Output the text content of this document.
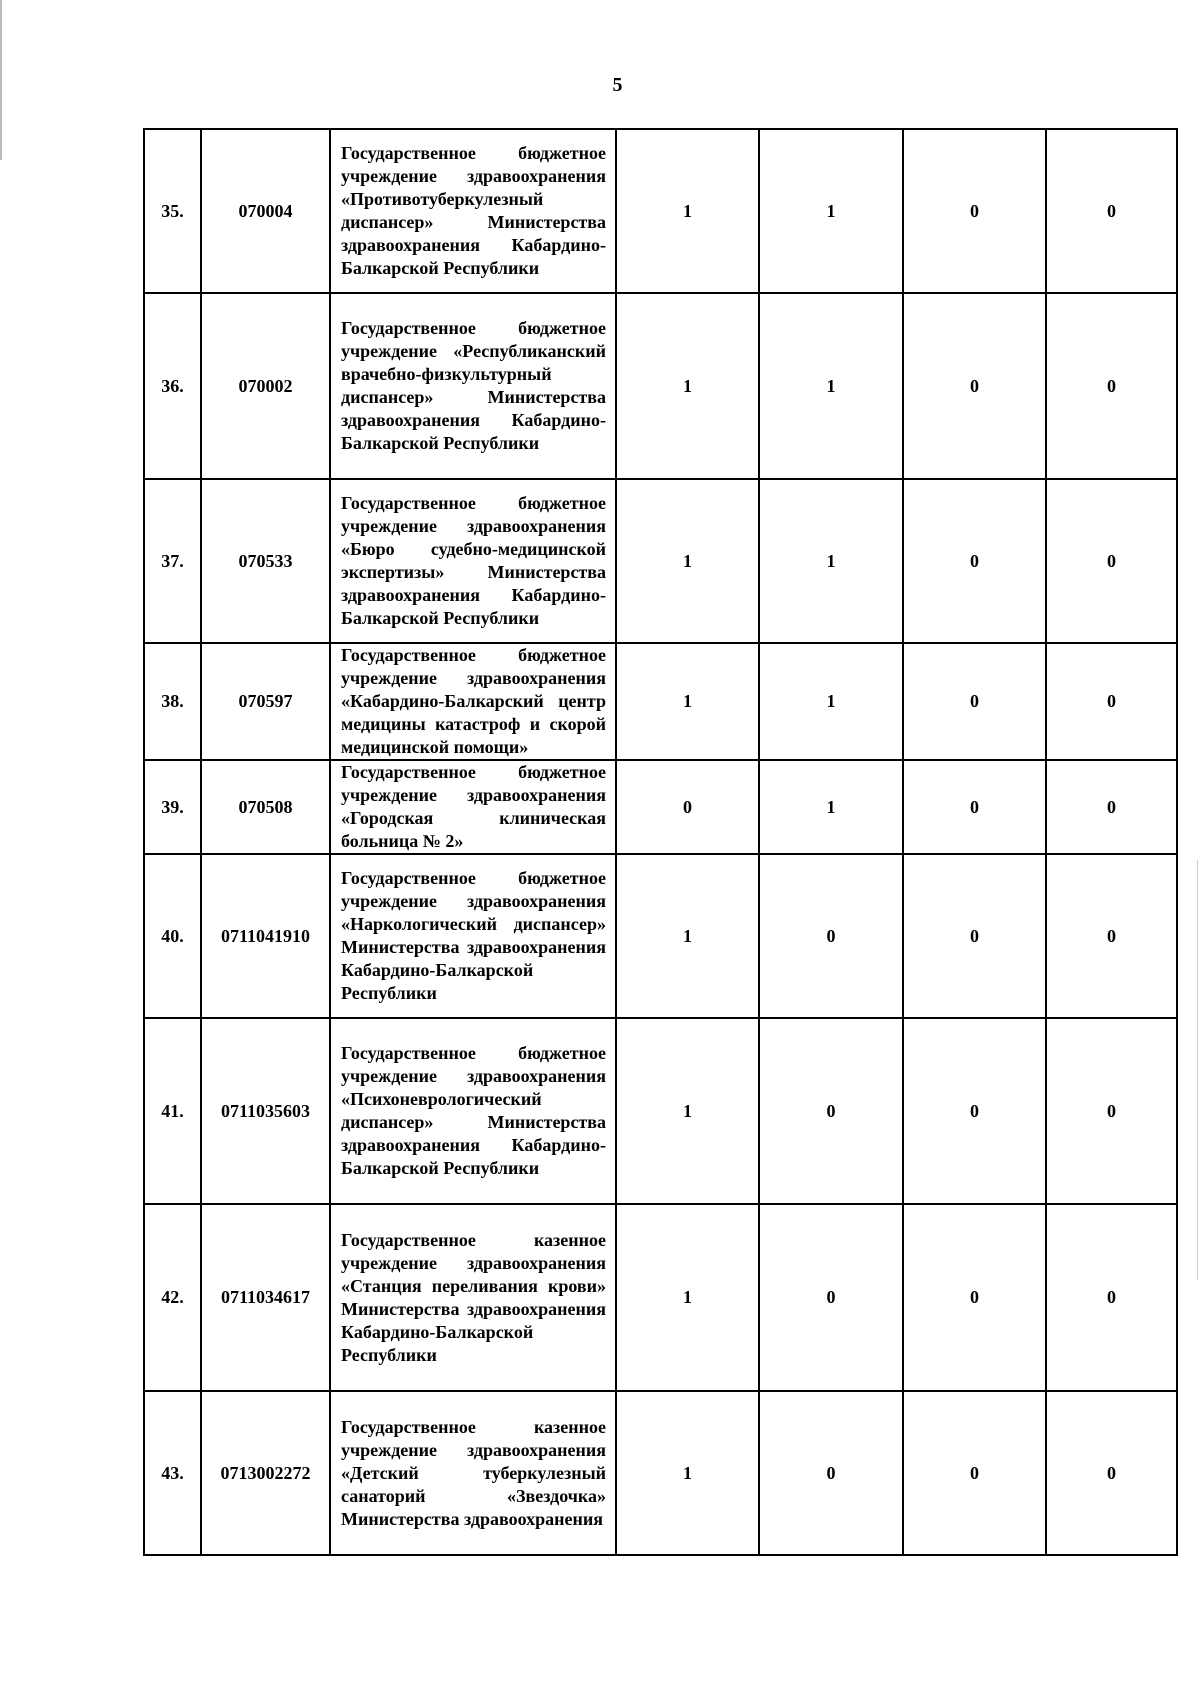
5
35.	070004	Государственное бюджетное учреждение здравоохранения «Противотуберкулезный диспансер» Министерства здравоохранения Кабардино-Балкарской Республики	1	1	0	0
36.	070002	Государственное бюджетное учреждение «Республиканский врачебно-физкультурный диспансер» Министерства здравоохранения Кабардино-Балкарской Республики	1	1	0	0
37.	070533	Государственное бюджетное учреждение здравоохранения «Бюро судебно-медицинской экспертизы» Министерства здравоохранения Кабардино-Балкарской Республики	1	1	0	0
38.	070597	Государственное бюджетное учреждение здравоохранения «Кабардино-Балкарский центр медицины катастроф и скорой медицинской помощи»	1	1	0	0
39.	070508	Государственное бюджетное учреждение здравоохранения «Городская клиническая больница № 2»	0	1	0	0
40.	0711041910	Государственное бюджетное учреждение здравоохранения «Наркологический диспансер» Министерства здравоохранения Кабардино-Балкарской Республики	1	0	0	0
41.	0711035603	Государственное бюджетное учреждение здравоохранения «Психоневрологический диспансер» Министерства здравоохранения Кабардино-Балкарской Республики	1	0	0	0
42.	0711034617	Государственное казенное учреждение здравоохранения «Станция переливания крови» Министерства здравоохранения Кабардино-Балкарской Республики	1	0	0	0
43.	0713002272	Государственное казенное учреждение здравоохранения «Детский туберкулезный санаторий «Звездочка» Министерства здравоохранения	1	0	0	0
